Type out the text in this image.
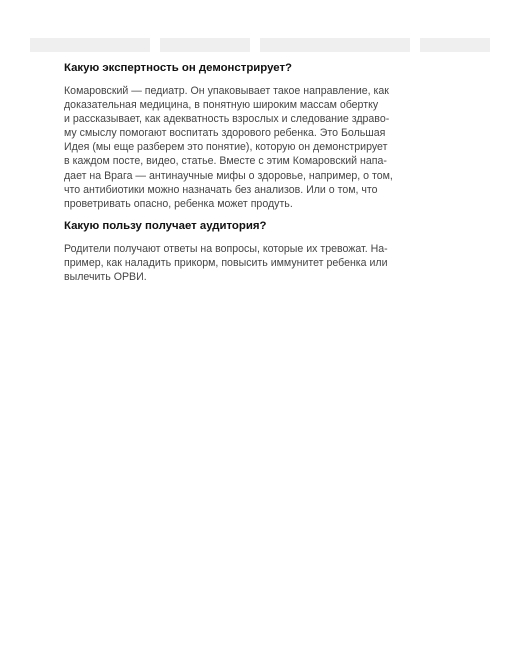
Какую экспертность он демонстрирует?

Комаровский — педиатр. Он упаковывает такое направление, как
доказательная медицина, в понятную широким массам обертку
и рассказывает, как адекватность взрослых и следование здраво-
му смыслу помогают воспитать здорового ребенка. Это Большая
Идея (мы еще разберем это понятие), которую он демонстрирует
в каждом посте, видео, статье. Вместе с этим Комаровский напа-
дает на Врага — антинаучные мифы о здоровье, например, о том,
что антибиотики можно назначать без анализов. Или о том, что
проветривать опасно, ребенка может продуть.

Какую пользу получает аудитория?

Родители получают ответы на вопросы, которые их тревожат. На-
пример, как наладить прикорм, повысить иммунитет ребенка или
вылечить ОРВИ.
